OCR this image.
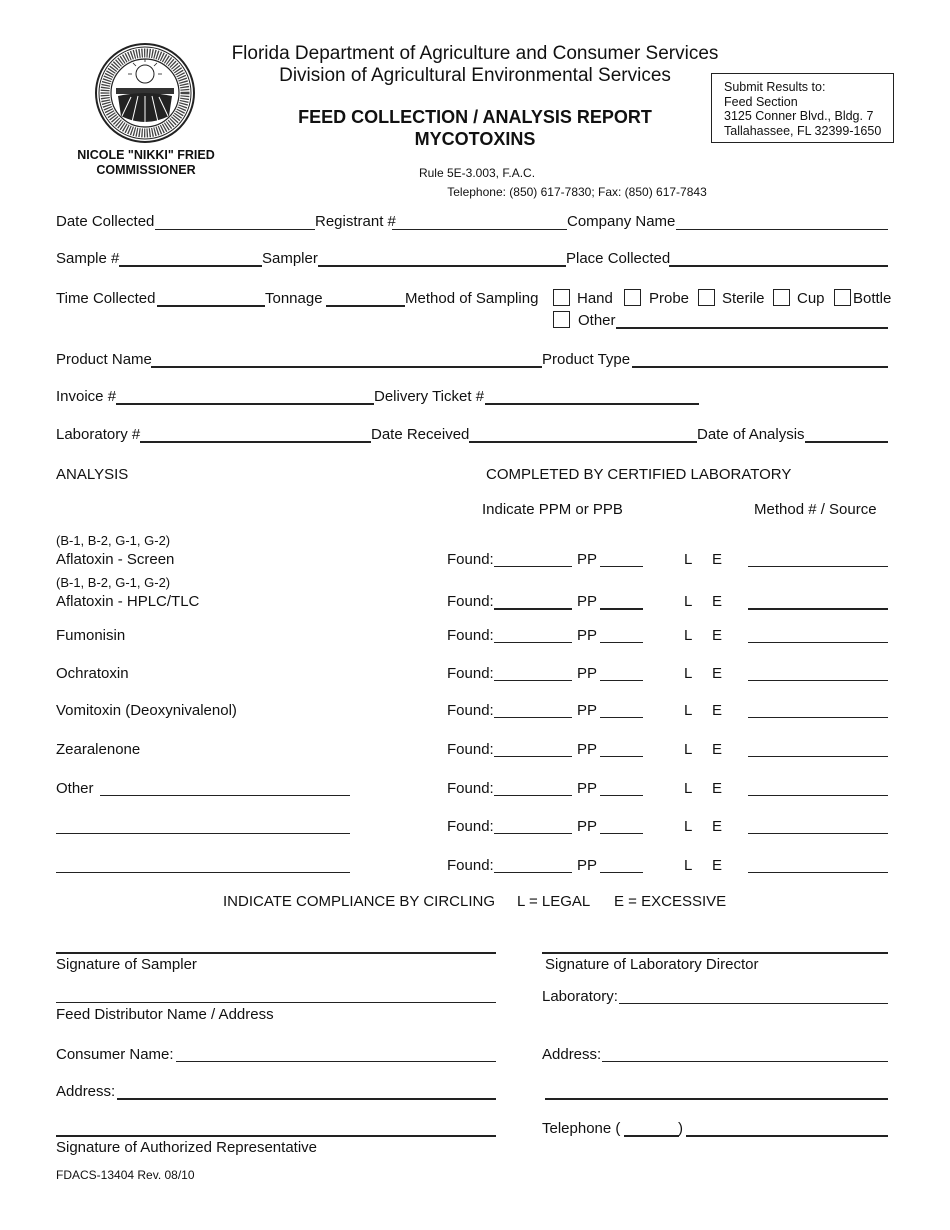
NICOLE "NIKKI" FRIED
COMMISSIONER
Florida Department of Agriculture and Consumer Services
Division of Agricultural Environmental Services
FEED COLLECTION / ANALYSIS REPORT
MYCOTOXINS
Rule 5E-3.003, F.A.C.
Telephone: (850) 617-7830; Fax: (850) 617-7843
Submit Results to:
Feed Section
3125 Conner Blvd., Bldg. 7
Tallahassee, FL 32399-1650
Date Collected	Registrant #	Company Name
Sample #	Sampler	Place Collected
Time Collected	Tonnage	Method of Sampling	Hand Probe Sterile Cup Bottle
Other
Product Name	Product Type
Invoice #	Delivery Ticket #
Laboratory #	Date Received	Date of Analysis
ANALYSIS	COMPLETED BY CERTIFIED LABORATORY
Indicate PPM or PPB	Method # / Source
(B-1, B-2, G-1, G-2)
Aflatoxin - Screen	Found:	PP	L E
(B-1, B-2, G-1, G-2)
Aflatoxin - HPLC/TLC	Found:	PP	L E
Fumonisin	Found:	PP	L E
Ochratoxin	Found:	PP	L E
Vomitoxin (Deoxynivalenol)	Found:	PP	L E
Zearalenone	Found:	PP	L E
Other	Found:	PP	L E
Found:	PP	L E
Found:	PP	L E
INDICATE COMPLIANCE BY CIRCLING L = LEGAL E = EXCESSIVE
Signature of Sampler
Feed Distributor Name / Address
Consumer Name:
Address:
Signature of Authorized Representative
Signature of Laboratory Director
Laboratory:
Address:
Telephone (	)
FDACS-13404 Rev. 08/10
